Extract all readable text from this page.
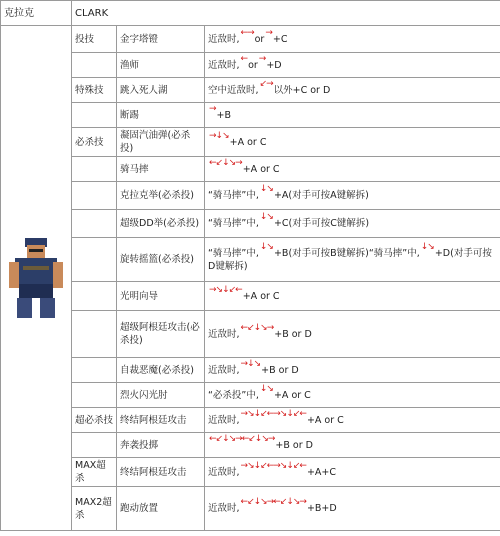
克拉克	CLARK		

	投技	金字塔镫	近敌时,←→or→+C
		渔师	近敌时,←or→+D
	特殊技	跳入死人湖	空中近敌时,↙→以外+C or D
		断踢	→+B
	必杀技	凝固汽油弹(必杀投)	→↓↘+A or C
		骑马摔	←↙↓↘→+A or C
		克拉克举(必杀投)	“骑马摔”中,↓↘+A(对手可按A键解拆)
		超级DD举(必杀投)	“骑马摔”中,↓↘+C(对手可按C键解拆)
		旋转摇篮(必杀投)	“骑马摔”中,↓↘+B(对手可按B键解拆)“骑马摔”中,↓↘+D(对手可按D键解拆)
		光明向导	→↘↓↙←+A or C
		超级阿根廷攻击(必杀投)	近敌时,←↙↓↘→+B or D
		自裁恶魔(必杀投)	近敌时,→↓↘+B or D
		烈火闪光肘	“必杀投”中,↓↘+A or C
	超必杀技	终结阿根廷攻击	近敌时,→↘↓↙←→↘↓↙←+A or C
		奔袭投掷	←↙↓↘→←↙↓↘→+B or D
	MAX超杀	终结阿根廷攻击	近敌时,→↘↓↙←→↘↓↙←+A+C
	MAX2超杀	跑动放置	近敌时,←↙↓↘→←↙↓↘→+B+D
